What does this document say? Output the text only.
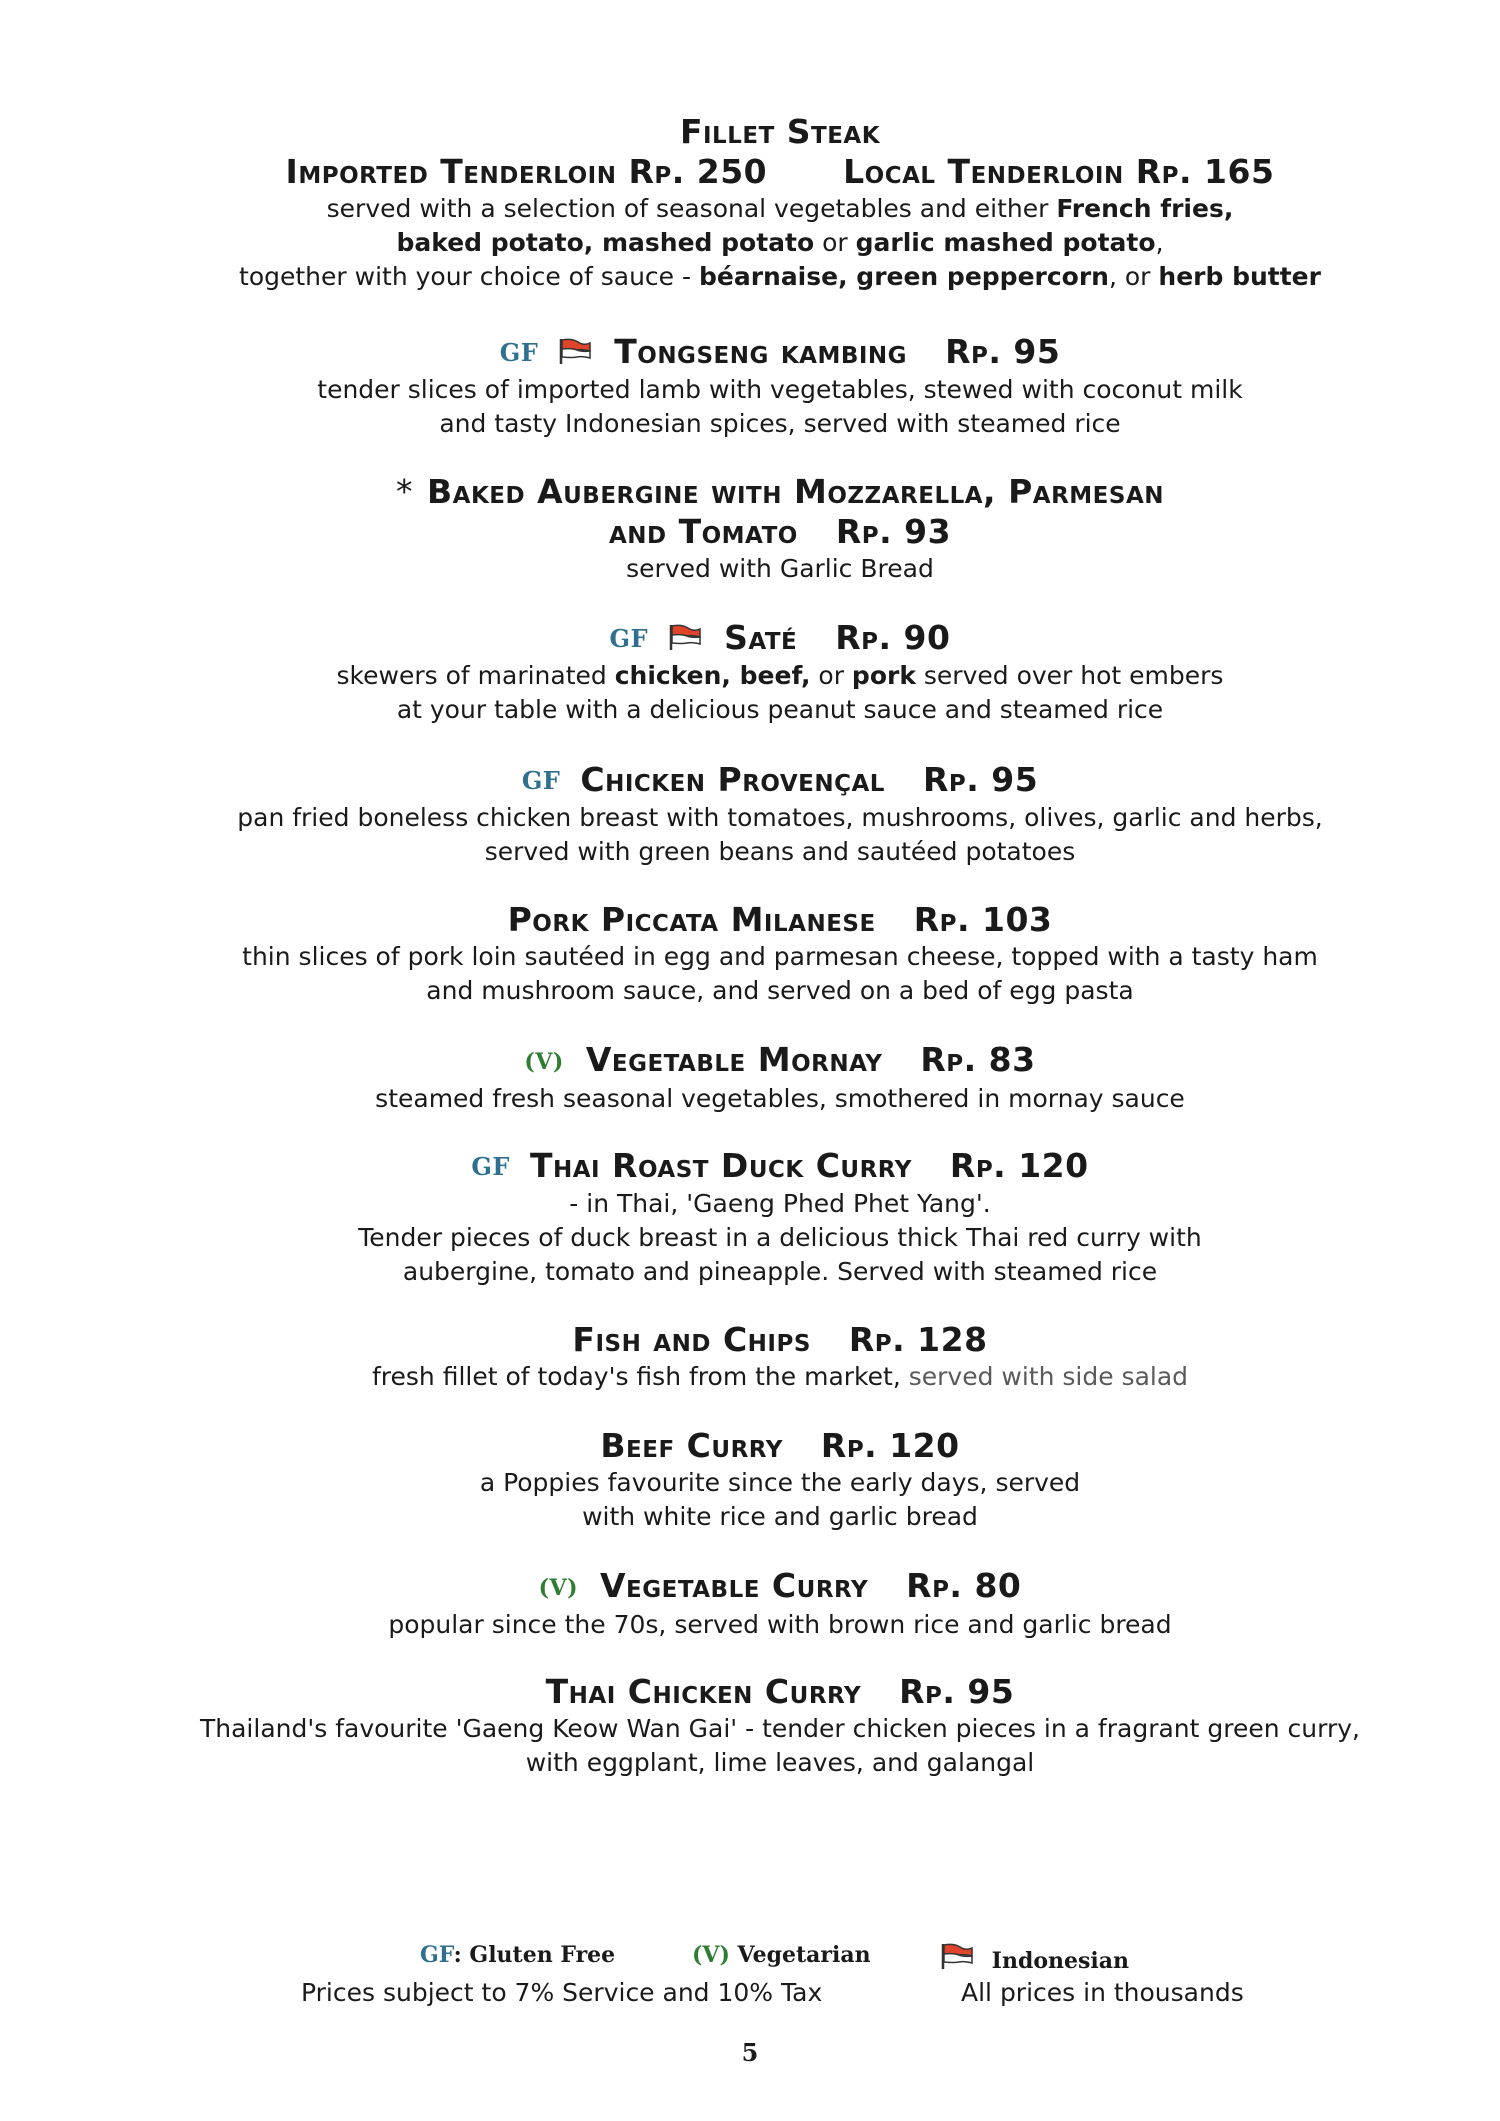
Fillet Steak
Imported Tenderloin Rp. 250 Local Tenderloin Rp. 165
served with a selection of seasonal vegetables and either French fries,
baked potato, mashed potato or garlic mashed potato,
together with your choice of sauce - béarnaise, green peppercorn, or herb butter
GF Tongseng kambing Rp. 95
tender slices of imported lamb with vegetables, stewed with coconut milk
and tasty Indonesian spices, served with steamed rice
* Baked Aubergine with Mozzarella, Parmesan
and Tomato Rp. 93
served with Garlic Bread
GF Saté Rp. 90
skewers of marinated chicken, beef, or pork served over hot embers
at your table with a delicious peanut sauce and steamed rice
GF Chicken Provençal Rp. 95
pan fried boneless chicken breast with tomatoes, mushrooms, olives, garlic and herbs,
served with green beans and sautéed potatoes
Pork Piccata Milanese Rp. 103
thin slices of pork loin sautéed in egg and parmesan cheese, topped with a tasty ham
and mushroom sauce, and served on a bed of egg pasta
(V) Vegetable Mornay Rp. 83
steamed fresh seasonal vegetables, smothered in mornay sauce
GF Thai Roast Duck Curry Rp. 120
- in Thai, 'Gaeng Phed Phet Yang'.
Tender pieces of duck breast in a delicious thick Thai red curry with
aubergine, tomato and pineapple. Served with steamed rice
Fish and Chips Rp. 128
fresh fillet of today's fish from the market, served with side salad
Beef Curry Rp. 120
a Poppies favourite since the early days, served
with white rice and garlic bread
(V) Vegetable Curry Rp. 80
popular since the 70s, served with brown rice and garlic bread
Thai Chicken Curry Rp. 95
Thailand's favourite 'Gaeng Keow Wan Gai' - tender chicken pieces in a fragrant green curry,
with eggplant, lime leaves, and galangal
GF: Gluten Free	(V) Vegetarian	Indonesian
Prices subject to 7% Service and 10% Tax	All prices in thousands
5
